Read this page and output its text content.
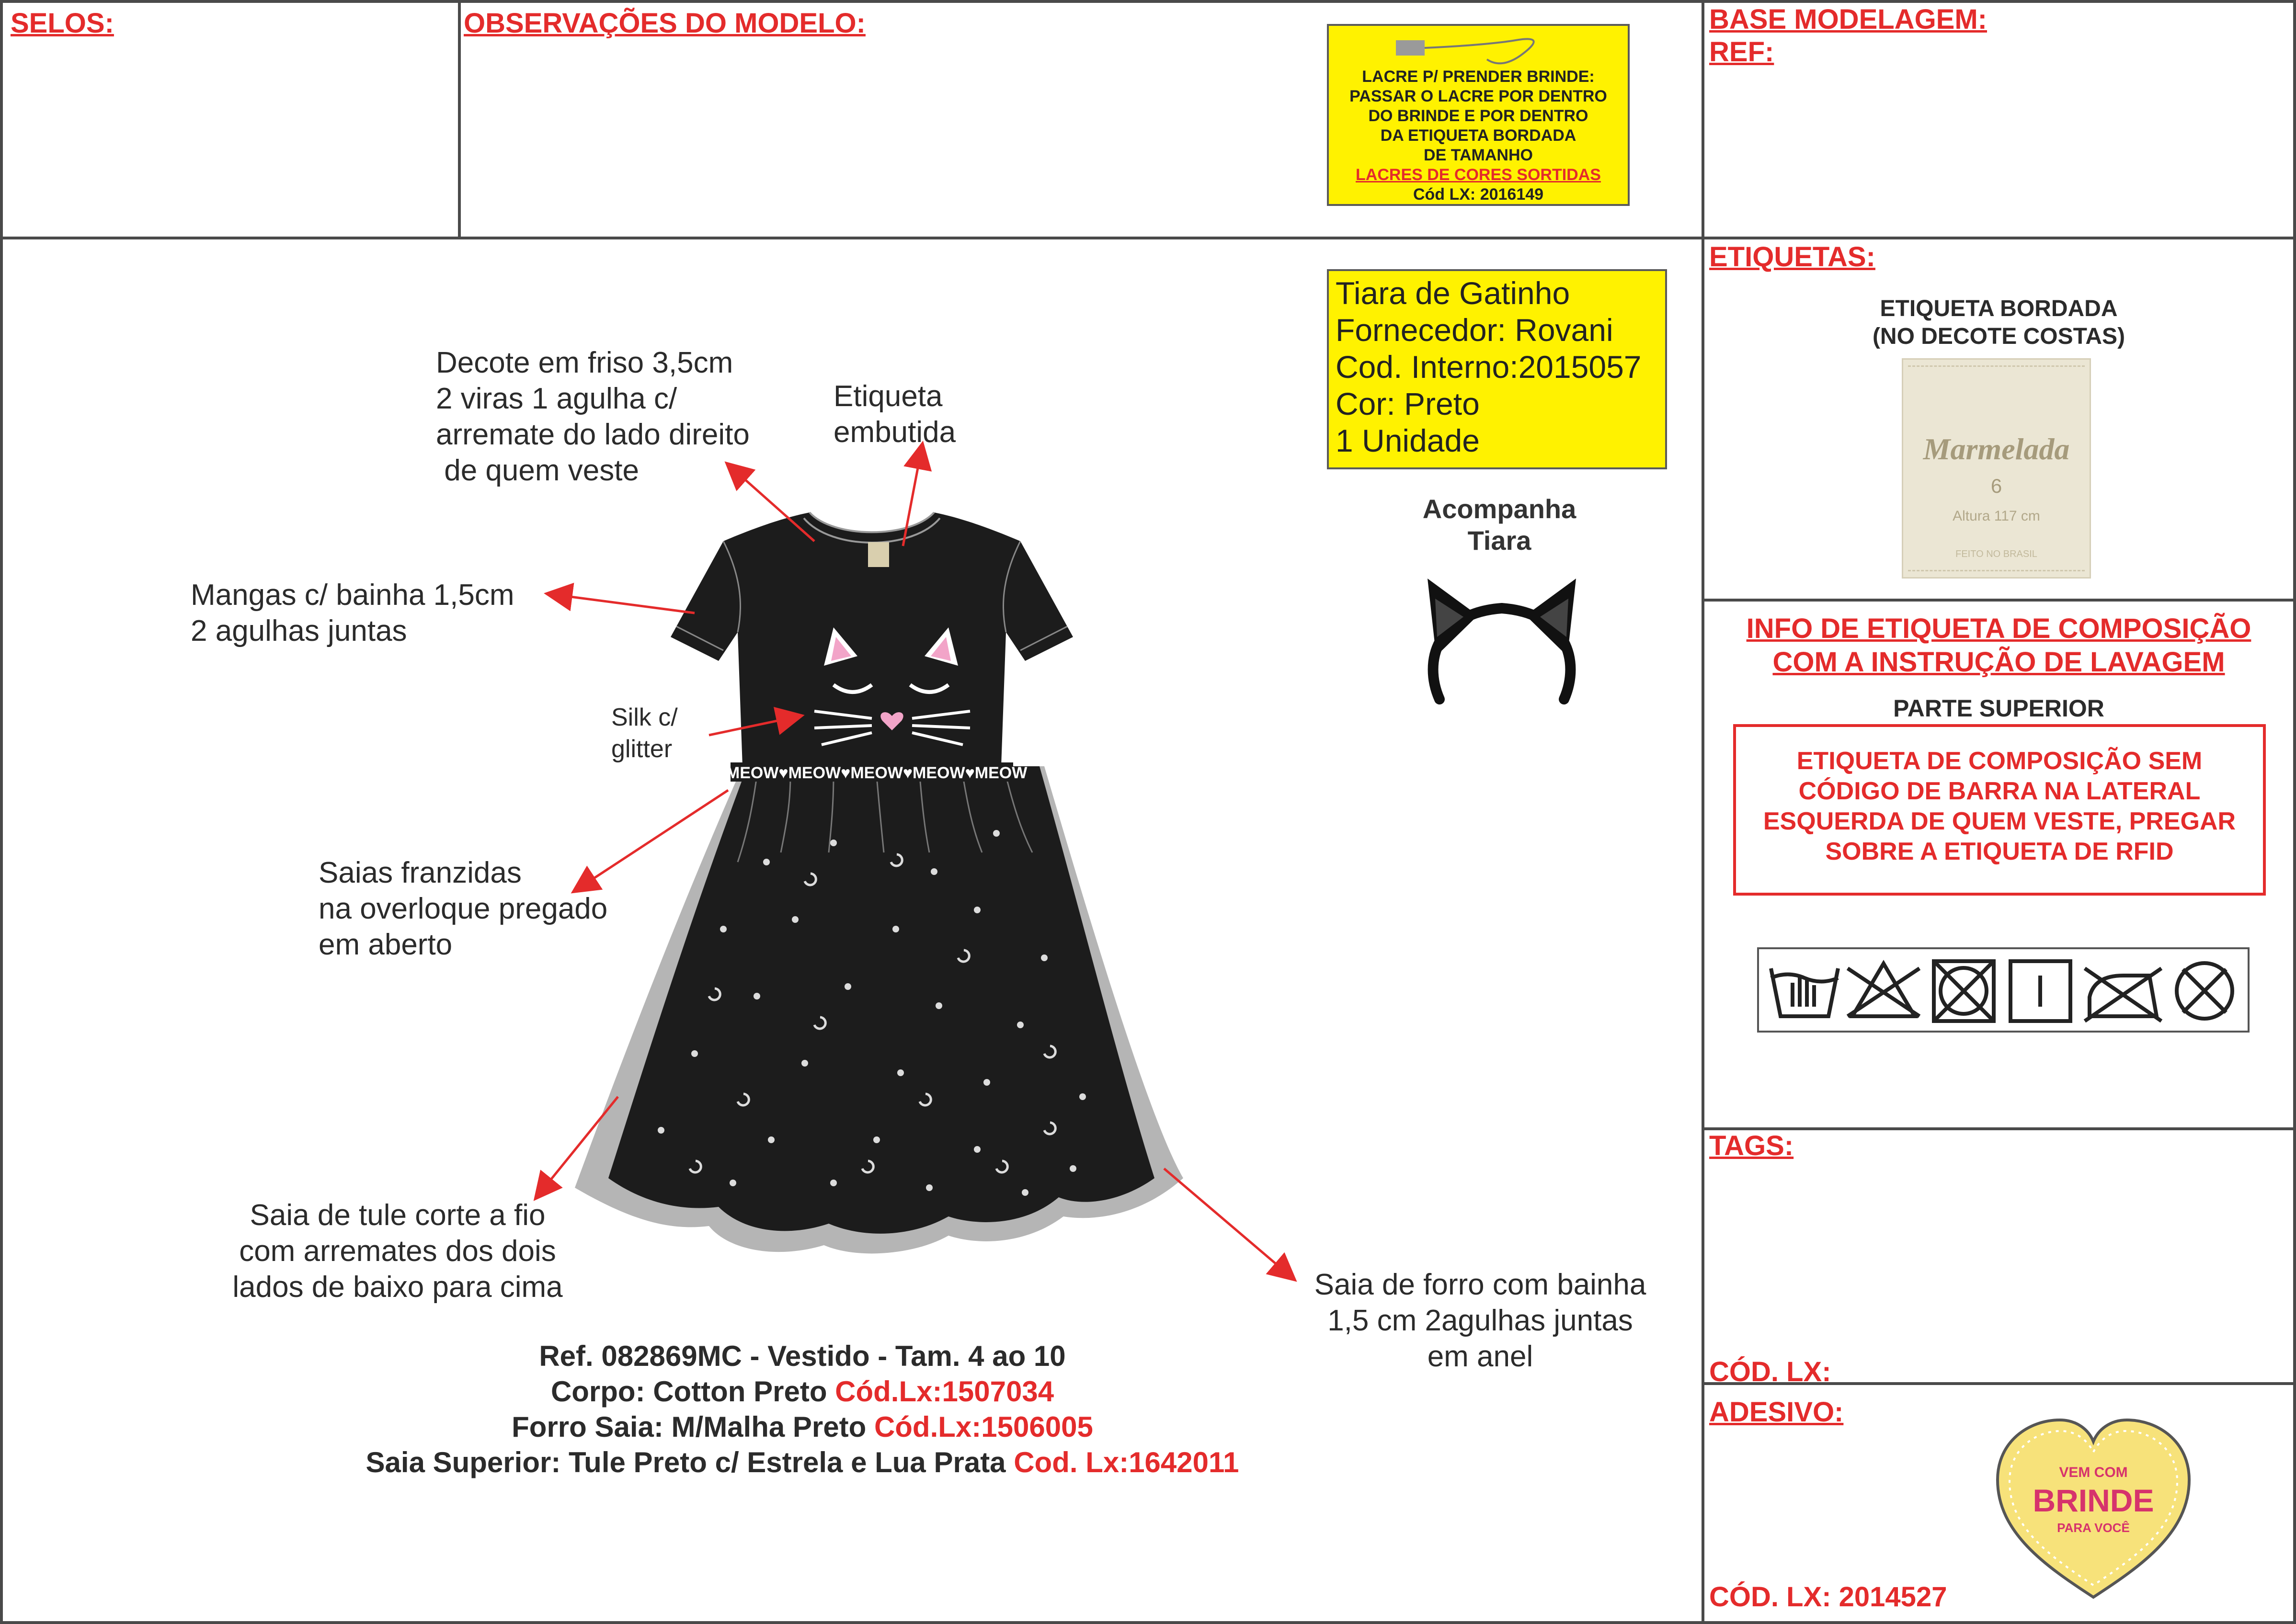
SELOS:	OBSERVAÇÕES DO MODELO:	BASE MODELAGEM:
REF:
ETIQUETAS:
INFO DE ETIQUETA DE COMPOSIÇÃO
COM A INSTRUÇÃO DE LAVAGEM
TAGS:
CÓD. LX:
ADESIVO:
CÓD. LX: 2014527
LACRE P/ PRENDER BRINDE:
PASSAR O LACRE POR DENTRO
DO BRINDE E POR DENTRO
DA ETIQUETA BORDADA
DE TAMANHO
LACRES DE CORES SORTIDAS
Cód LX: 2016149
Tiara de Gatinho
Fornecedor: Rovani
Cod. Interno:2015057
Cor: Preto
1 Unidade
Acompanha
Tiara
♥MEOW♥MEOW♥MEOW♥MEOW♥MEOW
Decote em friso 3,5cm
2 viras 1 agulha c/
arremate do lado direito
de quem veste
Etiqueta
embutida
Mangas c/ bainha 1,5cm
2 agulhas juntas
Silk c/
glitter
Saias franzidas
na overloque pregado
em aberto
Saia de tule corte a fio
com arremates dos dois
lados de baixo para cima	Saia de forro com bainha
1,5 cm 2agulhas juntas
em anel
Ref. 082869MC - Vestido - Tam. 4 ao 10
Corpo: Cotton Preto Cód.Lx:1507034
Forro Saia: M/Malha Preto Cód.Lx:1506005
Saia Superior: Tule Preto c/ Estrela e Lua Prata Cod. Lx:1642011
ETIQUETA BORDADA
(NO DECOTE COSTAS)
Marmelada
6
Altura 117 cm
FEITO NO BRASIL
PARTE SUPERIOR
ETIQUETA DE COMPOSIÇÃO SEM
CÓDIGO DE BARRA NA LATERAL
ESQUERDA DE QUEM VESTE, PREGAR
SOBRE A ETIQUETA DE RFID
VEM COM
BRINDE
PARA VOCÊ
